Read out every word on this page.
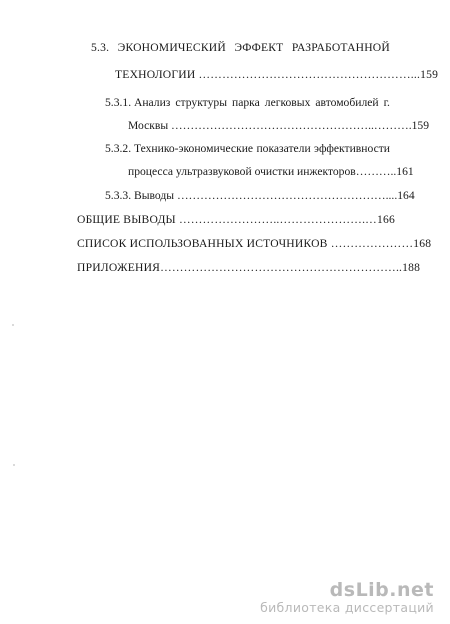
5.3. ЭКОНОМИЧЕСКИЙ ЭФФЕКТ РАЗРАБОТАННОЙ
ТЕХНОЛОГИИ ………………………………………………...159
5.3.1. Анализ структуры парка легковых автомобилей г.
Москвы ……………………………………………..……….159
5.3.2. Технико-экономические показатели эффективности
процесса ультразвуковой очистки инжекторов………..161
5.3.3. Выводы ………………………………………………....164
ОБЩИЕ ВЫВОДЫ ……………………..………………….…166
СПИСОК ИСПОЛЬЗОВАННЫХ ИСТОЧНИКОВ …………………168
ПРИЛОЖЕНИЯ……………………………………………………..188
dsLib.net
библиотека диссертаций
